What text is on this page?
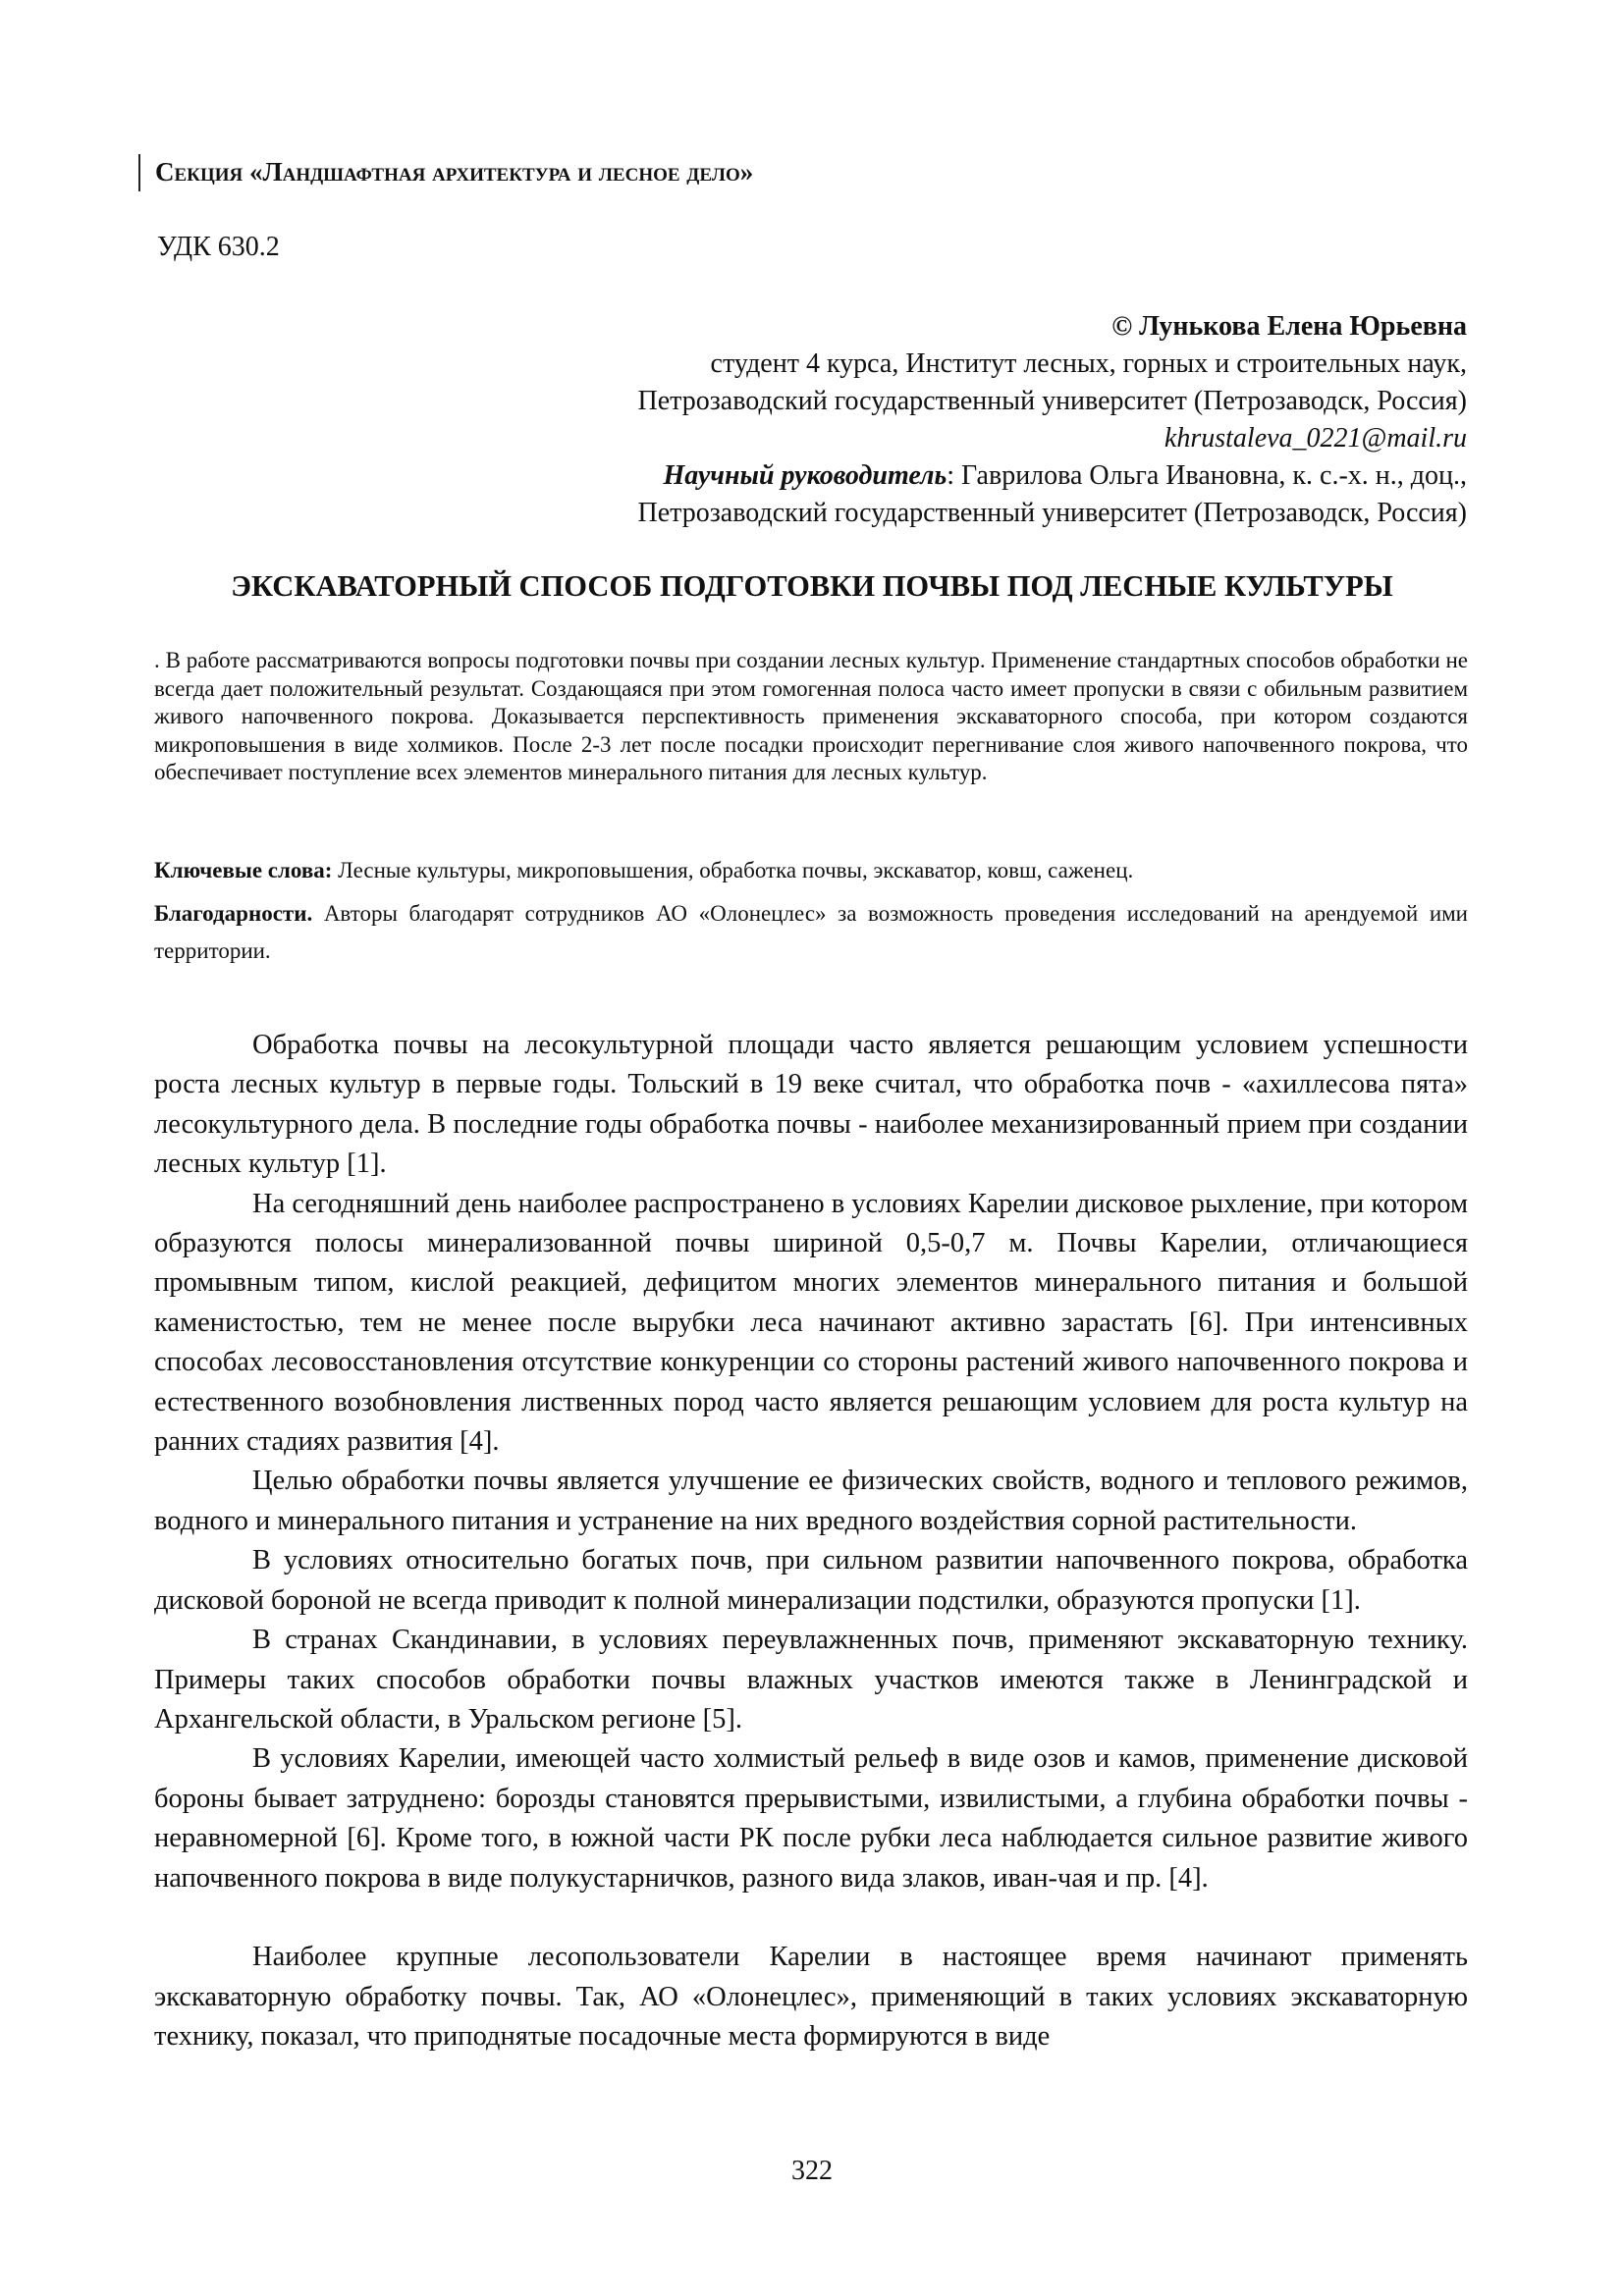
Секция «Ландшафтная архитектура и лесное дело»
УДК 630.2
© Лунькова Елена Юрьевна
студент 4 курса, Институт лесных, горных и строительных наук,
Петрозаводский государственный университет (Петрозаводск, Россия)
khrustaleva_0221@mail.ru
Научный руководитель: Гаврилова Ольга Ивановна, к. с.-х. н., доц.,
Петрозаводский государственный университет (Петрозаводск, Россия)
ЭКСКАВАТОРНЫЙ СПОСОБ ПОДГОТОВКИ ПОЧВЫ ПОД ЛЕСНЫЕ КУЛЬТУРЫ
. В работе рассматриваются вопросы подготовки почвы при создании лесных культур. Применение стандартных способов обработки не всегда дает положительный результат. Создающаяся при этом гомогенная полоса часто имеет пропуски в связи с обильным развитием живого напочвенного покрова. Доказывается перспективность применения экскаваторного способа, при котором создаются микроповышения в виде холмиков. После 2-3 лет после посадки происходит перегнивание слоя живого напочвенного покрова, что обеспечивает поступление всех элементов минерального питания для лесных культур.
Ключевые слова: Лесные культуры, микроповышения, обработка почвы, экскаватор, ковш, саженец.
Благодарности. Авторы благодарят сотрудников АО «Олонецлес» за возможность проведения исследований на арендуемой ими территории.

Обработка почвы на лесокультурной площади часто является решающим условием успешности роста лесных культур в первые годы. Тольский в 19 веке считал, что обработка почв - «ахиллесова пята» лесокультурного дела. В последние годы обработка почвы - наиболее механизированный прием при создании лесных культур [1].

На сегодняшний день наиболее распространено в условиях Карелии дисковое рыхление, при котором образуются полосы минерализованной почвы шириной 0,5-0,7 м. Почвы Карелии, отличающиеся промывным типом, кислой реакцией, дефицитом многих элементов минерального питания и большой каменистостью, тем не менее после вырубки леса начинают активно зарастать [6]. При интенсивных способах лесовосстановления отсутствие конкуренции со стороны растений живого напочвенного покрова и естественного возобновления лиственных пород часто является решающим условием для роста культур на ранних стадиях развития [4].

Целью обработки почвы является улучшение ее физических свойств, водного и теплового режимов, водного и минерального питания и устранение на них вредного воздействия сорной растительности.

В условиях относительно богатых почв, при сильном развитии напочвенного покрова, обработка дисковой бороной не всегда приводит к полной минерализации подстилки, образуются пропуски [1].

В странах Скандинавии, в условиях переувлажненных почв, применяют экскаваторную технику. Примеры таких способов обработки почвы влажных участков имеются также в Ленинградской и Архангельской области, в Уральском регионе [5].

В условиях Карелии, имеющей часто холмистый рельеф в виде озов и камов, применение дисковой бороны бывает затруднено: борозды становятся прерывистыми, извилистыми, а глубина обработки почвы - неравномерной [6]. Кроме того, в южной части РК после рубки леса наблюдается сильное развитие живого напочвенного покрова в виде полукустарничков, разного вида злаков, иван-чая и пр. [4].

Наиболее крупные лесопользователи Карелии в настоящее время начинают применять экскаваторную обработку почвы. Так, АО «Олонецлес», применяющий в таких условиях экскаваторную технику, показал, что приподнятые посадочные места формируются в виде

322
